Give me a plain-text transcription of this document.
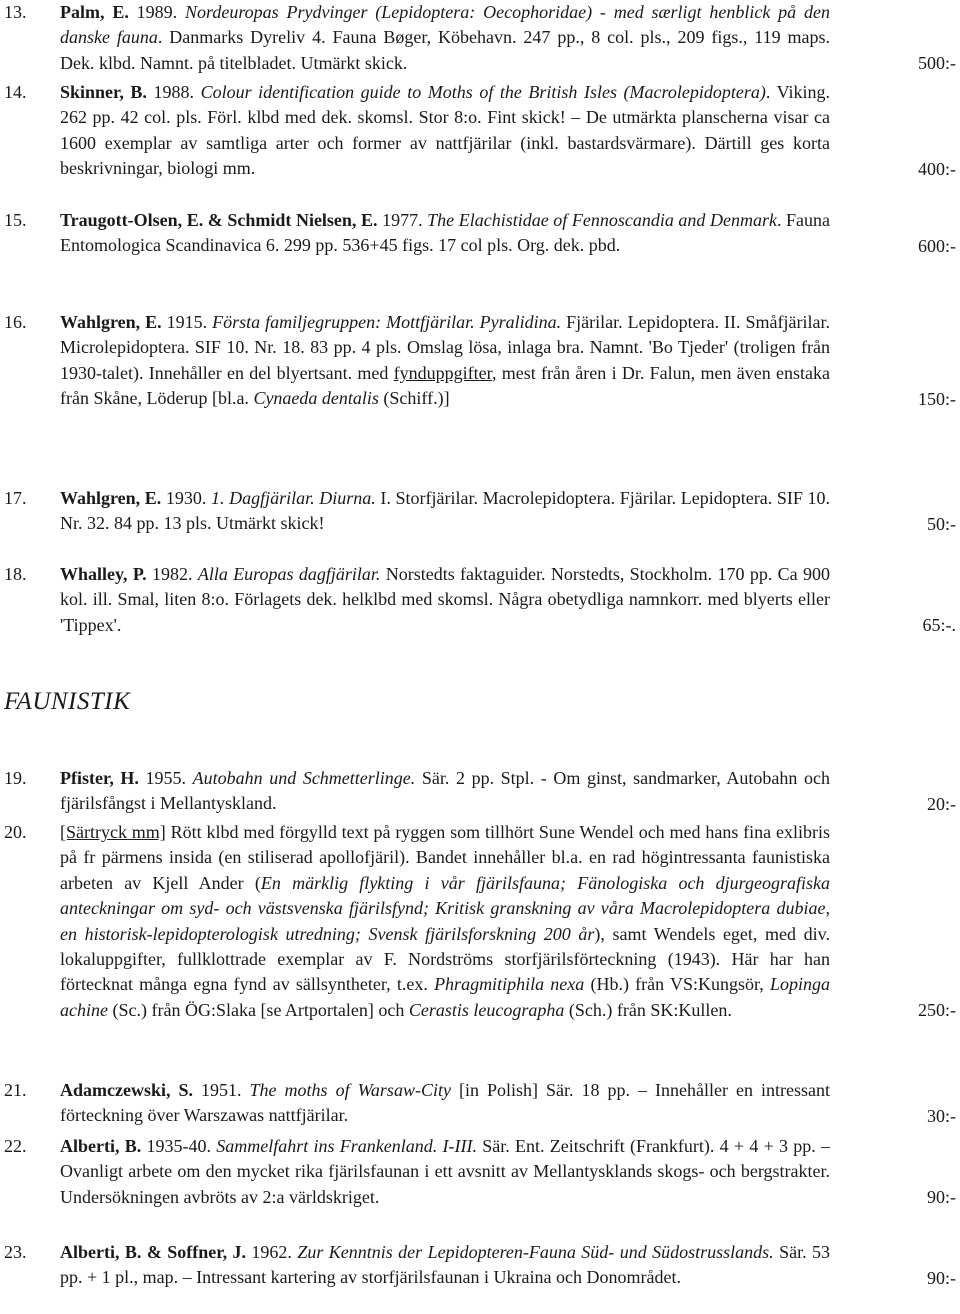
FAUNISTIK
13. Palm, E. 1989. Nordeuropas Prydvinger (Lepidoptera: Oecophoridae) - med særligt henblick på den danske fauna. Danmarks Dyreliv 4. Fauna Bøger, Köbehavn. 247 pp., 8 col. pls., 209 figs., 119 maps. Dek. klbd. Namnt. på titelbladet. Utmärkt skick.	500:-
14. Skinner, B. 1988. Colour identification guide to Moths of the British Isles (Macrolepidoptera). Viking. 262 pp. 42 col. pls. Förl. klbd med dek. skomsl. Stor 8:o. Fint skick! – De utmärkta planscherna visar ca 1600 exemplar av samtliga arter och former av nattfjärilar (inkl. bastardsvärmare). Därtill ges korta beskrivningar, biologi mm.	400:-
15. Traugott-Olsen, E. & Schmidt Nielsen, E. 1977. The Elachistidae of Fennoscandia and Denmark. Fauna Entomologica Scandinavica 6. 299 pp. 536+45 figs. 17 col pls. Org. dek. pbd.	600:-
16. Wahlgren, E. 1915. Första familjegruppen: Mottfjärilar. Pyralidina. Fjärilar. Lepidoptera. II. Småfjärilar. Microlepidoptera. SIF 10. Nr. 18. 83 pp. 4 pls. Omslag lösa, inlaga bra. Namnt. 'Bo Tjeder' (troligen från 1930-talet). Innehåller en del blyertsant. med fynduppgifter, mest från åren i Dr. Falun, men även enstaka från Skåne, Löderup [bl.a. Cynaeda dentalis (Schiff.)]	150:-
17. Wahlgren, E. 1930. 1. Dagfjärilar. Diurna. I. Storfjärilar. Macrolepidoptera. Fjärilar. Lepidoptera. SIF 10. Nr. 32. 84 pp. 13 pls. Utmärkt skick!	50:-
18. Whalley, P. 1982. Alla Europas dagfjärilar. Norstedts faktaguider. Norstedts, Stockholm. 170 pp. Ca 900 kol. ill. Smal, liten 8:o. Förlagets dek. helklbd med skomsl. Några obetydliga namnkorr. med blyerts eller 'Tippex'.	65:-.
19. Pfister, H. 1955. Autobahn und Schmetterlinge. Sär. 2 pp. Stpl. - Om ginst, sandmarker, Autobahn och fjärilsfångst i Mellantyskland.	20:-
20. [Särtryck mm] Rött klbd med förgylld text på ryggen som tillhört Sune Wendel och med hans fina exlibris på fr pärmens insida (en stiliserad apollofjäril). Bandet innehåller bl.a. en rad högintressanta faunistiska arbeten av Kjell Ander (En märklig flykting i vår fjärilsfauna; Fänologiska och djurgeografiska anteckningar om syd- och västsvenska fjärilsfynd; Kritisk granskning av våra Macrolepidoptera dubiae, en historisk-lepidopterologisk utredning; Svensk fjärilsforskning 200 år), samt Wendels eget, med div. lokaluppgifter, fullklottrade exemplar av F. Nordströms storfjärilsförteckning (1943). Här har han förtecknat många egna fynd av sällsyntheter, t.ex. Phragmitiphila nexa (Hb.) från VS:Kungsör, Lopinga achine (Sc.) från ÖG:Slaka [se Artportalen] och Cerastis leucographa (Sch.) från SK:Kullen.	250:-
21. Adamczewski, S. 1951. The moths of Warsaw-City [in Polish] Sär. 18 pp. – Innehåller en intressant förteckning över Warszawas nattfjärilar.	30:-
22. Alberti, B. 1935-40. Sammelfahrt ins Frankenland. I-III. Sär. Ent. Zeitschrift (Frankfurt). 4 + 4 + 3 pp. – Ovanligt arbete om den mycket rika fjärilsfaunan i ett avsnitt av Mellantysklands skogs- och bergstrakter. Undersökningen avbröts av 2:a världskriget.	90:-
23. Alberti, B. & Soffner, J. 1962. Zur Kenntnis der Lepidopteren-Fauna Süd- und Südostrusslands. Sär. 53 pp. + 1 pl., map. – Intressant kartering av storfjärilsfaunan i Ukraina och Donområdet.	90:-
